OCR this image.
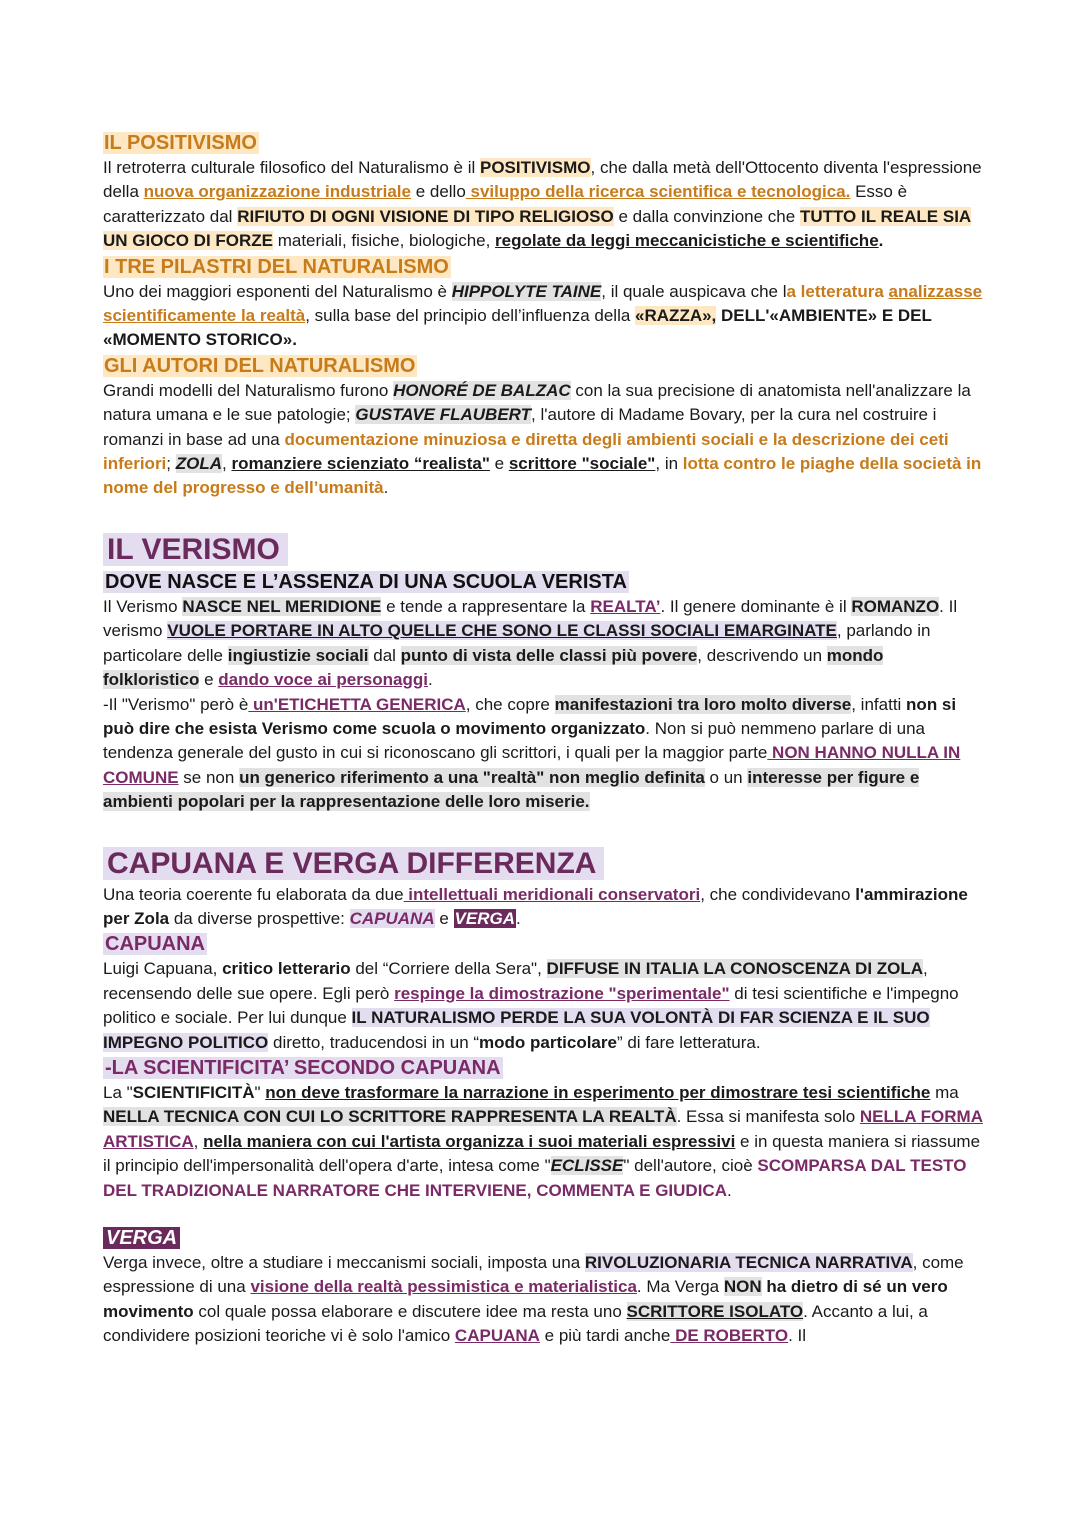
IL POSITIVISMO

Il retroterra culturale filosofico del Naturalismo è il POSITIVISMO, che dalla metà dell'Ottocento diventa l'espressione della nuova organizzazione industriale e dello sviluppo della ricerca scientifica e tecnologica. Esso è caratterizzato dal RIFIUTO DI OGNI VISIONE DI TIPO RELIGIOSO e dalla convinzione che TUTTO IL REALE SIA UN GIOCO DI FORZE materiali, fisiche, biologiche, regolate da leggi meccanicistiche e scientifiche.

I TRE PILASTRI DEL NATURALISMO

Uno dei maggiori esponenti del Naturalismo è HIPPOLYTE TAINE, il quale auspicava che la letteratura analizzasse scientificamente la realtà, sulla base del principio dell’influenza della «RAZZA», DELL'«AMBIENTE» E DEL «MOMENTO STORICO».

GLI AUTORI DEL NATURALISMO

Grandi modelli del Naturalismo furono HONORÉ DE BALZAC con la sua precisione di anatomista nell'analizzare la natura umana e le sue patologie; GUSTAVE FLAUBERT, l'autore di Madame Bovary, per la cura nel costruire i romanzi in base ad una documentazione minuziosa e diretta degli ambienti sociali e la descrizione dei ceti inferiori; ZOLA, romanziere scienziato “realista" e scrittore "sociale", in lotta contro le piaghe della società in nome del progresso e dell’umanità.

IL VERISMO
DOVE NASCE E L’ASSENZA DI UNA SCUOLA VERISTA

Il Verismo NASCE NEL MERIDIONE e tende a rappresentare la REALTA’. Il genere dominante è il ROMANZO. Il verismo VUOLE PORTARE IN ALTO QUELLE CHE SONO LE CLASSI SOCIALI EMARGINATE, parlando in particolare delle ingiustizie sociali dal punto di vista delle classi più povere, descrivendo un mondo folkloristico e dando voce ai personaggi.

-Il "Verismo" però è un'ETICHETTA GENERICA, che copre manifestazioni tra loro molto diverse, infatti non si può dire che esista Verismo come scuola o movimento organizzato. Non si può nemmeno parlare di una tendenza generale del gusto in cui si riconoscano gli scrittori, i quali per la maggior parte NON HANNO NULLA IN COMUNE se non un generico riferimento a una "realtà" non meglio definita o un interesse per figure e ambienti popolari per la rappresentazione delle loro miserie.

CAPUANA E VERGA DIFFERENZA

Una teoria coerente fu elaborata da due intellettuali meridionali conservatori, che condividevano l'ammirazione per Zola da diverse prospettive: CAPUANA e VERGA.

CAPUANA

Luigi Capuana, critico letterario del “Corriere della Sera", DIFFUSE IN ITALIA LA CONOSCENZA DI ZOLA, recensendo delle sue opere. Egli però respinge la dimostrazione "sperimentale" di tesi scientifiche e l'impegno politico e sociale. Per lui dunque IL NATURALISMO PERDE LA SUA VOLONTÀ DI FAR SCIENZA E IL SUO IMPEGNO POLITICO diretto, traducendosi in un “modo particolare” di fare letteratura.

-LA SCIENTIFICITA’ SECONDO CAPUANA

La "SCIENTIFICITÀ" non deve trasformare la narrazione in esperimento per dimostrare tesi scientifiche ma NELLA TECNICA CON CUI LO SCRITTORE RAPPRESENTA LA REALTÀ. Essa si manifesta solo NELLA FORMA ARTISTICA, nella maniera con cui l'artista organizza i suoi materiali espressivi e in questa maniera si riassume il principio dell'impersonalità dell'opera d'arte, intesa come "ECLISSE" dell'autore, cioè SCOMPARSA DAL TESTO DEL TRADIZIONALE NARRATORE CHE INTERVIENE, COMMENTA E GIUDICA.

VERGA

Verga invece, oltre a studiare i meccanismi sociali, imposta una RIVOLUZIONARIA TECNICA NARRATIVA, come espressione di una visione della realtà pessimistica e materialistica. Ma Verga NON ha dietro di sé un vero movimento col quale possa elaborare e discutere idee ma resta uno SCRITTORE ISOLATO. Accanto a lui, a condividere posizioni teoriche vi è solo l'amico CAPUANA e più tardi anche DE ROBERTO. Il
